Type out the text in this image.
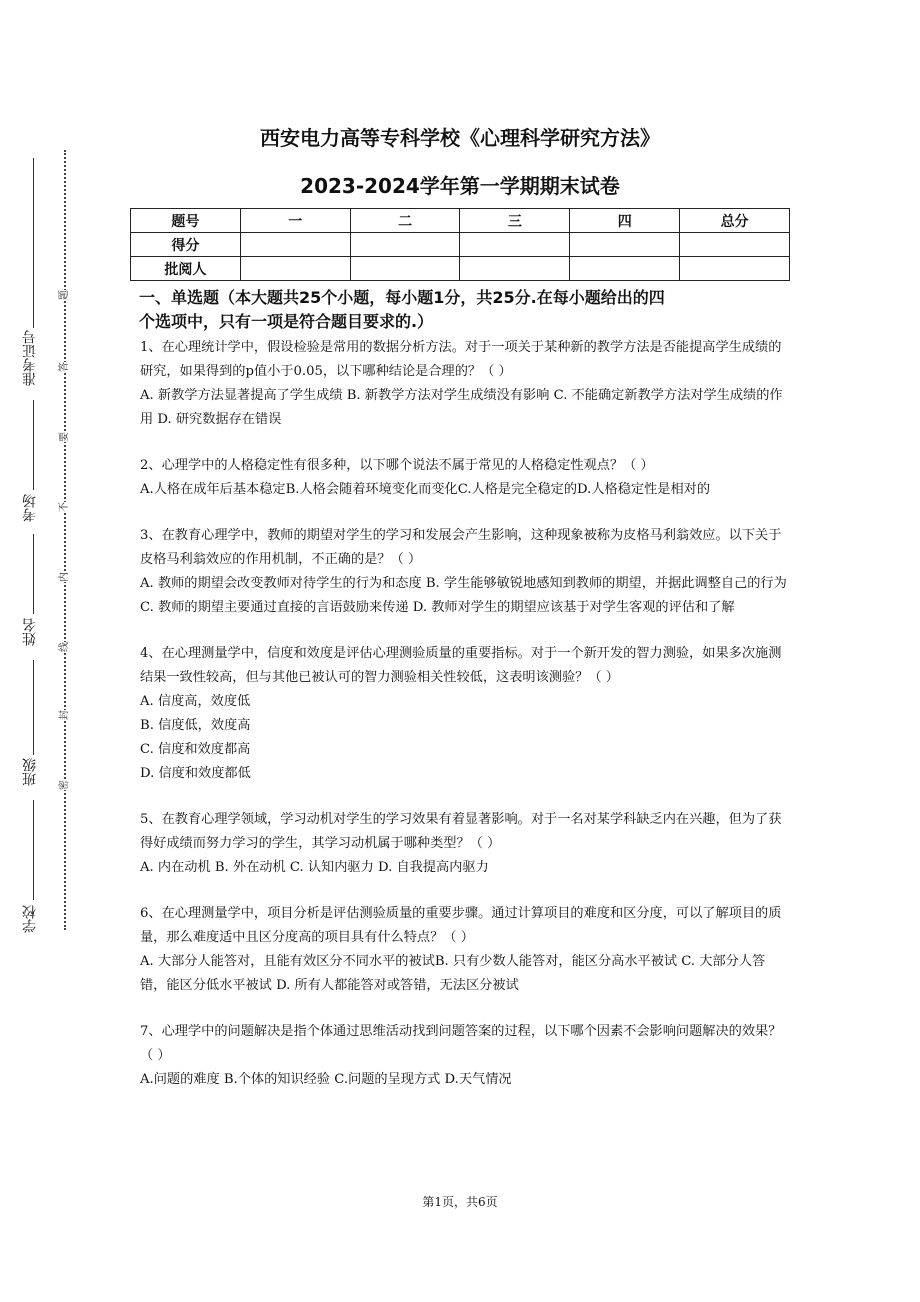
准考证号
考场
姓名
班级
学校
题
答
要
不
内
线
封
密
西安电力高等专科学校《心理科学研究方法》
2023-2024学年第一学期期末试卷
题号	一	二	三	四	总分
得分					
批阅人					
一、单选题（本大题共25个小题，每小题1分，共25分.在每小题给出的四
个选项中，只有一项是符合题目要求的.）

1、在心理统计学中，假设检验是常用的数据分析方法。对于一项关于某种新的教学方法是否能提高学生成绩的研究，如果得到的p值小于0.05，以下哪种结论是合理的？（ ）

A. 新教学方法显著提高了学生成绩 B. 新教学方法对学生成绩没有影响 C. 不能确定新教学方法对学生成绩的作用 D. 研究数据存在错误

2、心理学中的人格稳定性有很多种，以下哪个说法不属于常见的人格稳定性观点？（ ）

A.人格在成年后基本稳定B.人格会随着环境变化而变化C.人格是完全稳定的D.人格稳定性是相对的

3、在教育心理学中，教师的期望对学生的学习和发展会产生影响，这种现象被称为皮格马利翁效应。以下关于皮格马利翁效应的作用机制，不正确的是？（ ）

A. 教师的期望会改变教师对待学生的行为和态度 B. 学生能够敏锐地感知到教师的期望，并据此调整自己的行为 C. 教师的期望主要通过直接的言语鼓励来传递 D. 教师对学生的期望应该基于对学生客观的评估和了解

4、在心理测量学中，信度和效度是评估心理测验质量的重要指标。对于一个新开发的智力测验，如果多次施测结果一致性较高，但与其他已被认可的智力测验相关性较低，这表明该测验？（ ）

A. 信度高，效度低

B. 信度低，效度高

C. 信度和效度都高

D. 信度和效度都低

5、在教育心理学领域，学习动机对学生的学习效果有着显著影响。对于一名对某学科缺乏内在兴趣，但为了获得好成绩而努力学习的学生，其学习动机属于哪种类型？（ ）

A. 内在动机 B. 外在动机 C. 认知内驱力 D. 自我提高内驱力

6、在心理测量学中，项目分析是评估测验质量的重要步骤。通过计算项目的难度和区分度，可以了解项目的质量，那么难度适中且区分度高的项目具有什么特点？（ ）

A. 大部分人能答对，且能有效区分不同水平的被试B. 只有少数人能答对，能区分高水平被试 C. 大部分人答错，能区分低水平被试 D. 所有人都能答对或答错，无法区分被试

7、心理学中的问题解决是指个体通过思维活动找到问题答案的过程，以下哪个因素不会影响问题解决的效果？（ ）

A.问题的难度 B.个体的知识经验 C.问题的呈现方式 D.天气情况

第1页，共6页
